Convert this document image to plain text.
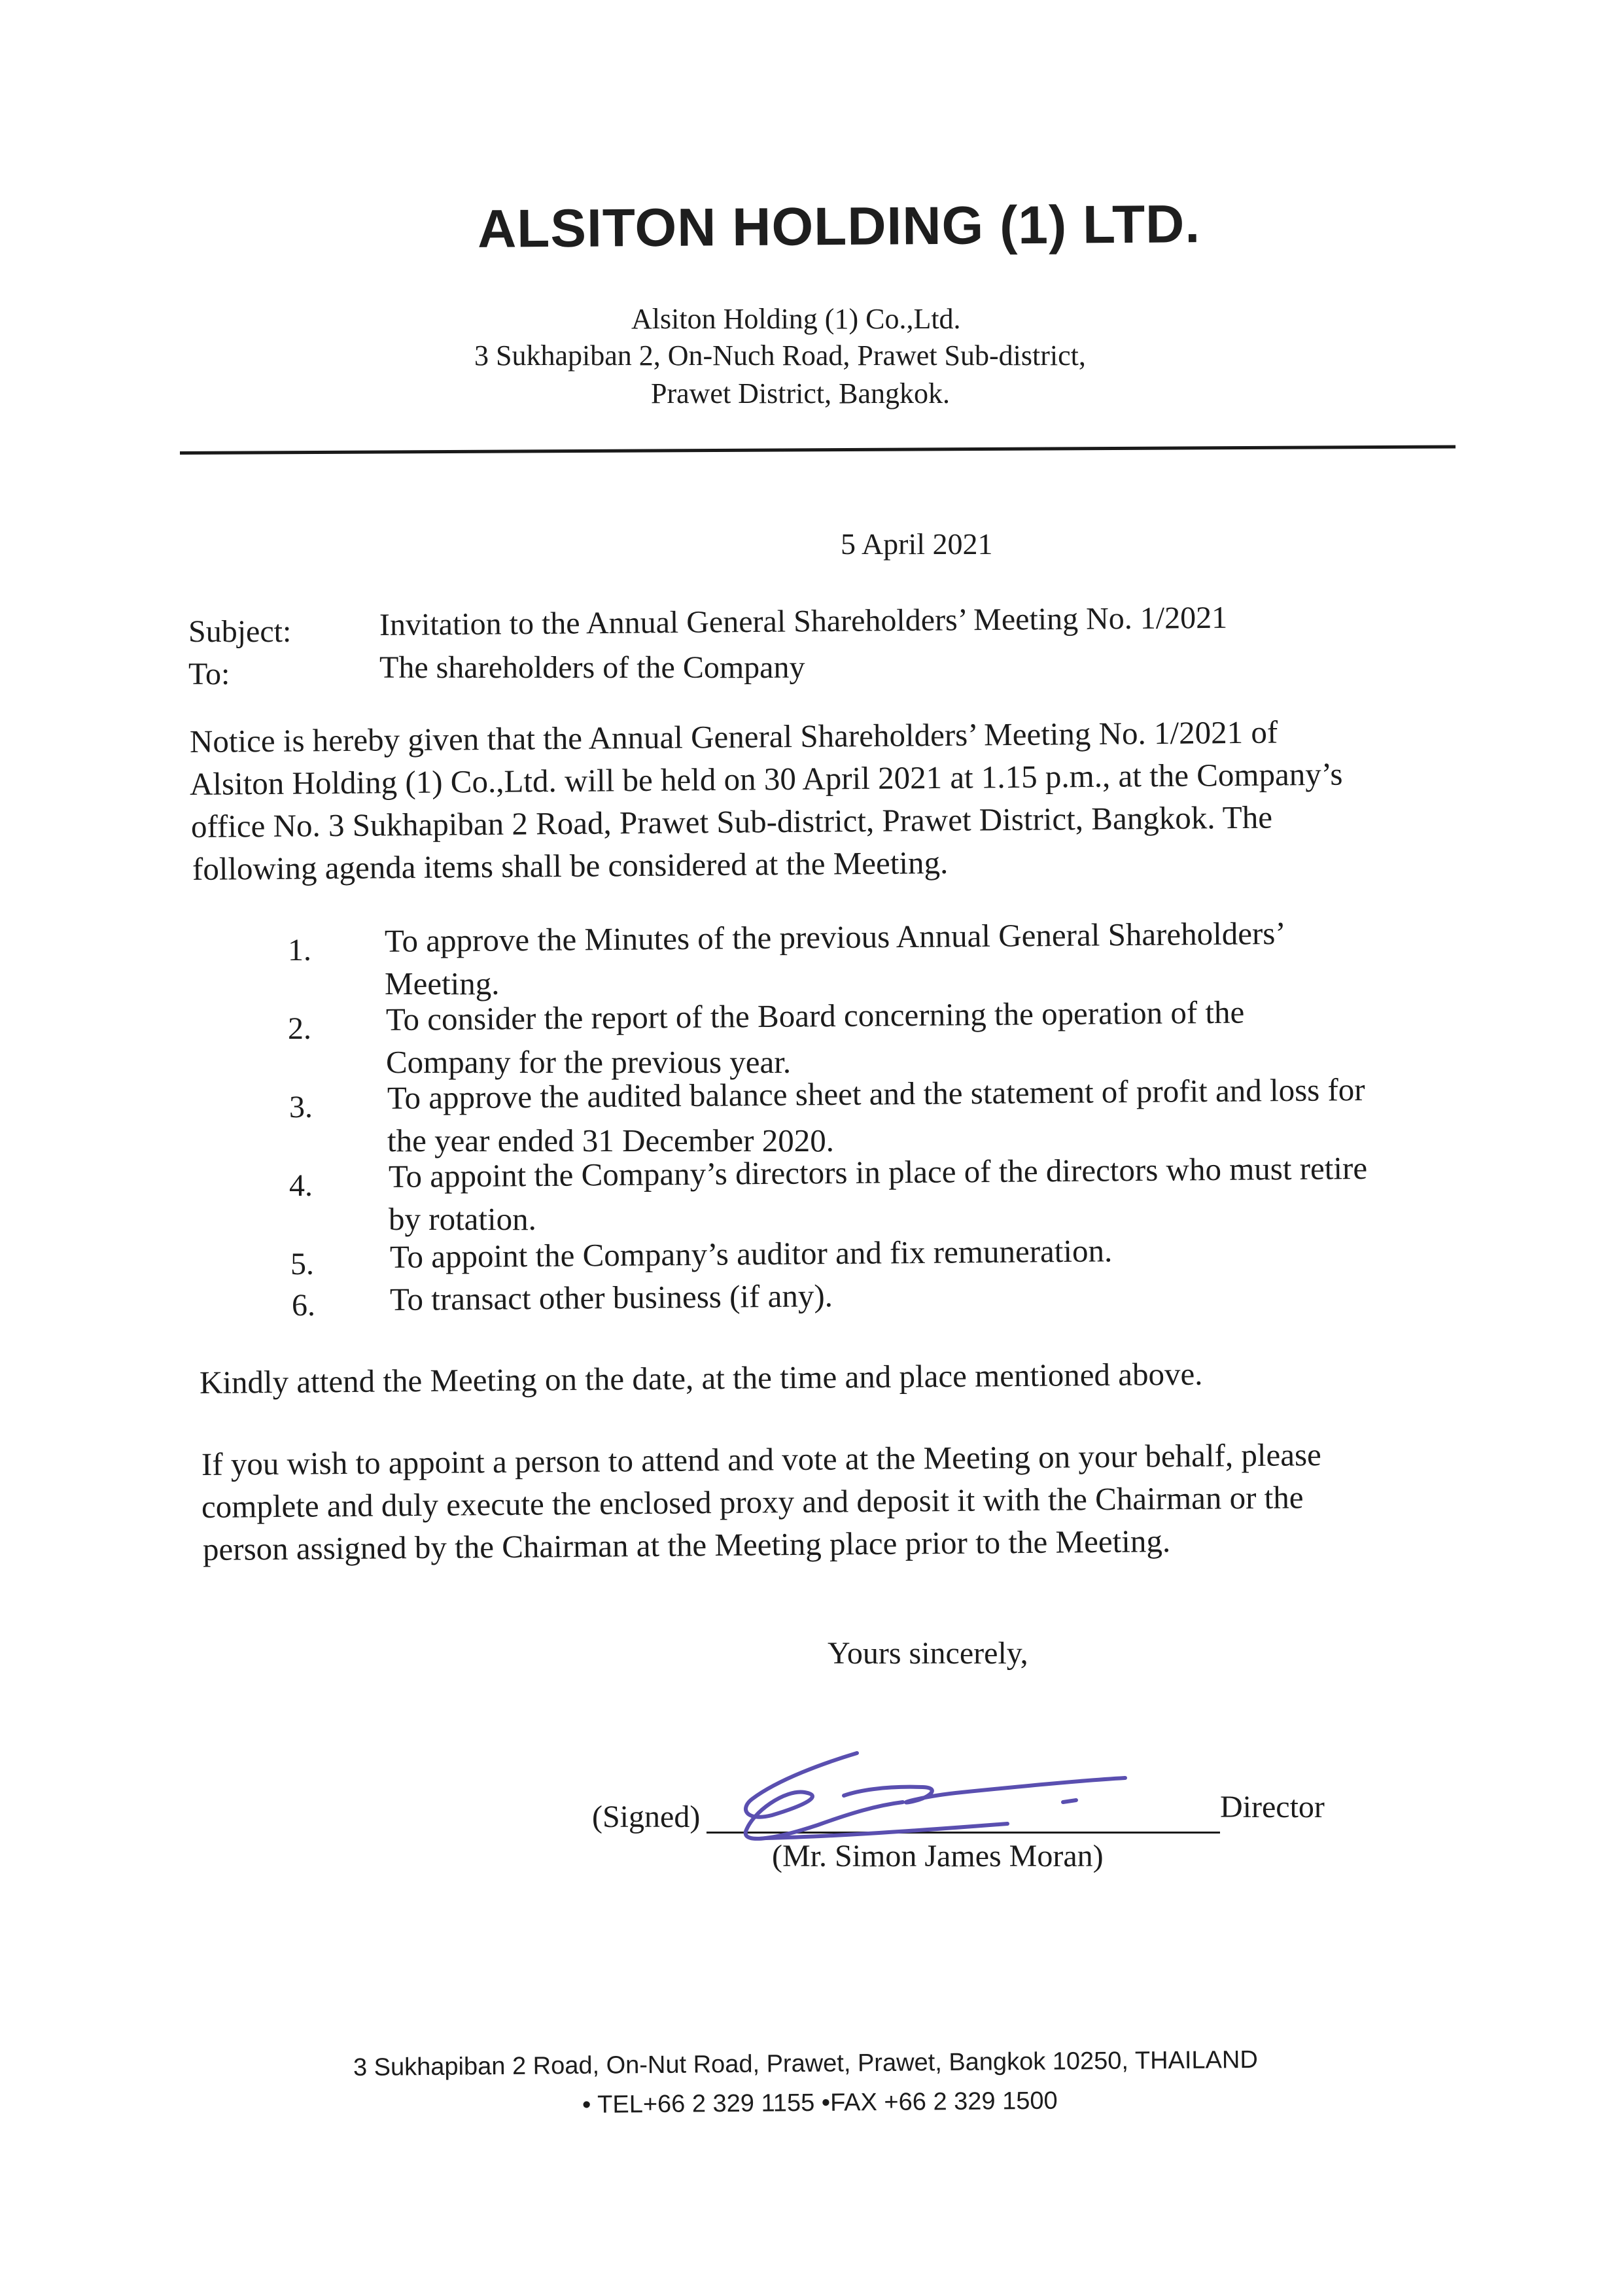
ALSITON HOLDING (1) LTD.
Alsiton Holding (1) Co.,Ltd.
3 Sukhapiban 2, On-Nuch Road, Prawet Sub-district,
Prawet District, Bangkok.
5 April 2021
Subject:	Invitation to the Annual General Shareholders’ Meeting No. 1/2021
To:	The shareholders of the Company
Notice is hereby given that the Annual General Shareholders’ Meeting No. 1/2021 of
Alsiton Holding (1) Co.,Ltd. will be held on 30 April 2021 at 1.15 p.m., at the Company’s
office No. 3 Sukhapiban 2 Road, Prawet Sub-district, Prawet District, Bangkok. The
following agenda items shall be considered at the Meeting.
1. To approve the Minutes of the previous Annual General Shareholders’
Meeting.
2. To consider the report of the Board concerning the operation of the
Company for the previous year.
3. To approve the audited balance sheet and the statement of profit and loss for
the year ended 31 December 2020.
4. To appoint the Company’s directors in place of the directors who must retire
by rotation.
5. To appoint the Company’s auditor and fix remuneration.
6. To transact other business (if any).
Kindly attend the Meeting on the date, at the time and place mentioned above.
If you wish to appoint a person to attend and vote at the Meeting on your behalf, please
complete and duly execute the enclosed proxy and deposit it with the Chairman or the
person assigned by the Chairman at the Meeting place prior to the Meeting.
Yours sincerely,
(Signed)	Director
(Mr. Simon James Moran)
3 Sukhapiban 2 Road, On-Nut Road, Prawet, Prawet, Bangkok 10250, THAILAND
• TEL+66 2 329 1155 •FAX +66 2 329 1500
